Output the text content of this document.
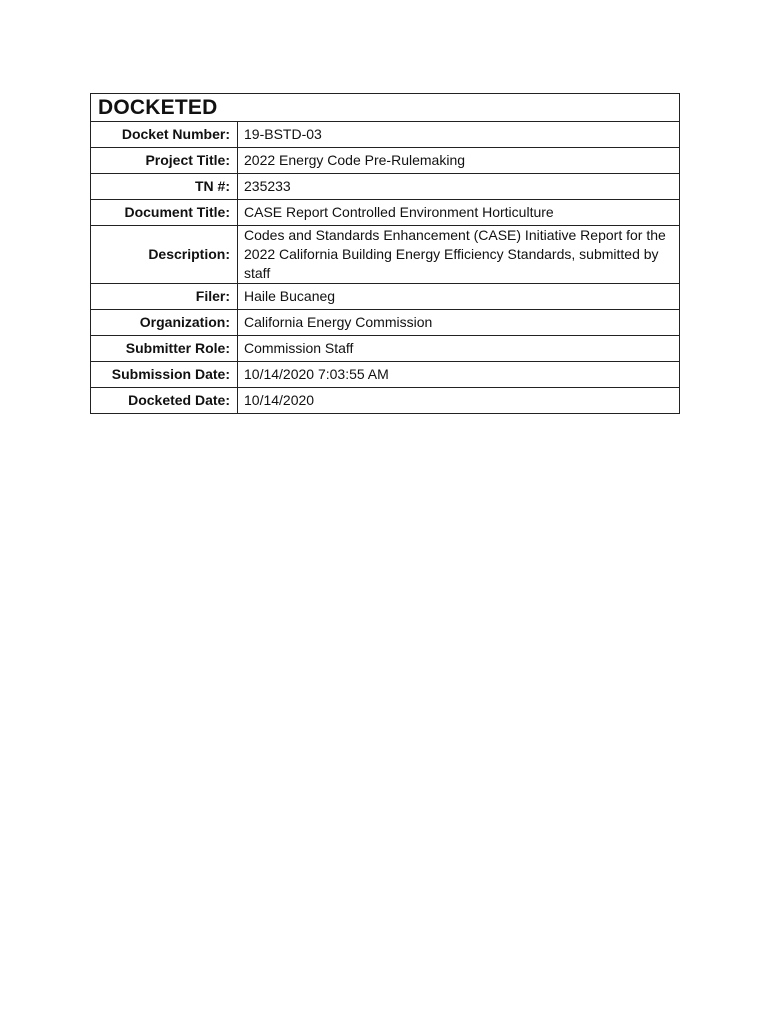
DOCKETED	
Docket Number:	19-BSTD-03
Project Title:	2022 Energy Code Pre-Rulemaking
TN #:	235233
Document Title:	CASE Report Controlled Environment Horticulture
Description:	Codes and Standards Enhancement (CASE) Initiative Report for the 2022 California Building Energy Efficiency Standards, submitted by staff

Filer:	Haile Bucaneg
Organization:	California Energy Commission
Submitter Role:	Commission Staff
Submission Date:	10/14/2020 7:03:55 AM
Docketed Date:	10/14/2020
